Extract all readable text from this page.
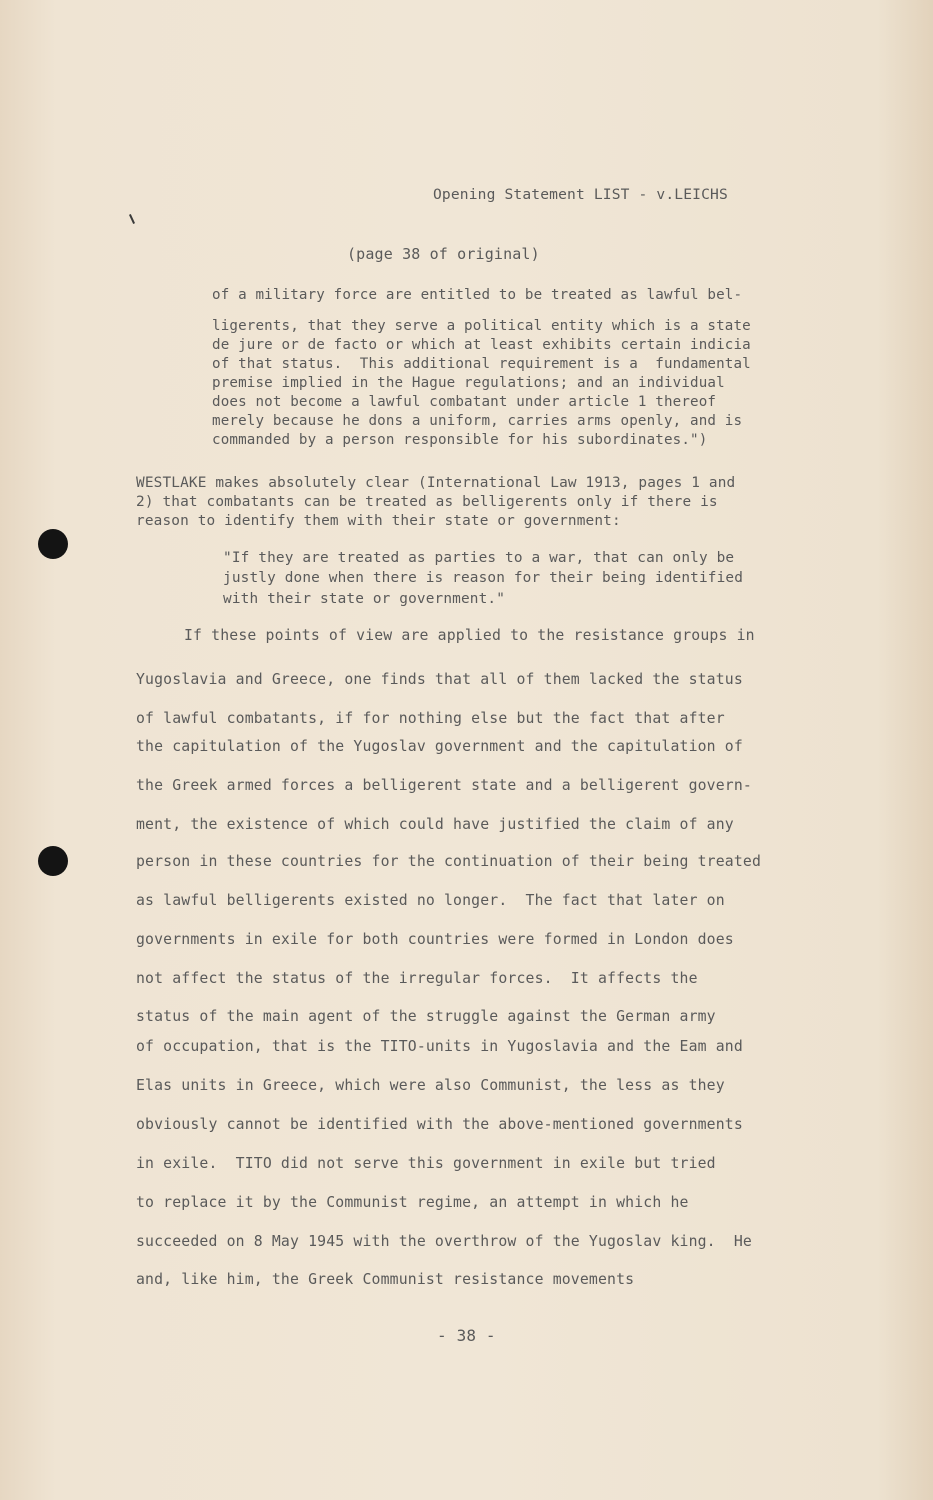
Opening Statement LIST - v.LEICHS
(page 38 of original)
of a military force are entitled to be treated as lawful bel-
ligerents, that they serve a political entity which is a state
de jure or de facto or which at least exhibits certain indicia
of that status.  This additional requirement is a  fundamental
premise implied in the Hague regulations; and an individual
does not become a lawful combatant under article 1 thereof
merely because he dons a uniform, carries arms openly, and is
commanded by a person responsible for his subordinates.")
WESTLAKE makes absolutely clear (International Law 1913, pages 1 and
2) that combatants can be treated as belligerents only if there is
reason to identify them with their state or government:
"If they are treated as parties to a war, that can only be
justly done when there is reason for their being identified
with their state or government."
If these points of view are applied to the resistance groups in
Yugoslavia and Greece, one finds that all of them lacked the status
of lawful combatants, if for nothing else but the fact that after
the capitulation of the Yugoslav government and the capitulation of
the Greek armed forces a belligerent state and a belligerent govern-
ment, the existence of which could have justified the claim of any
person in these countries for the continuation of their being treated
as lawful belligerents existed no longer.  The fact that later on
governments in exile for both countries were formed in London does
not affect the status of the irregular forces.  It affects the
status of the main agent of the struggle against the German army
of occupation, that is the TITO-units in Yugoslavia and the Eam and
Elas units in Greece, which were also Communist, the less as they
obviously cannot be identified with the above-mentioned governments
in exile.  TITO did not serve this government in exile but tried
to replace it by the Communist regime, an attempt in which he
succeeded on 8 May 1945 with the overthrow of the Yugoslav king.  He
and, like him, the Greek Communist resistance movements
- 38 -
